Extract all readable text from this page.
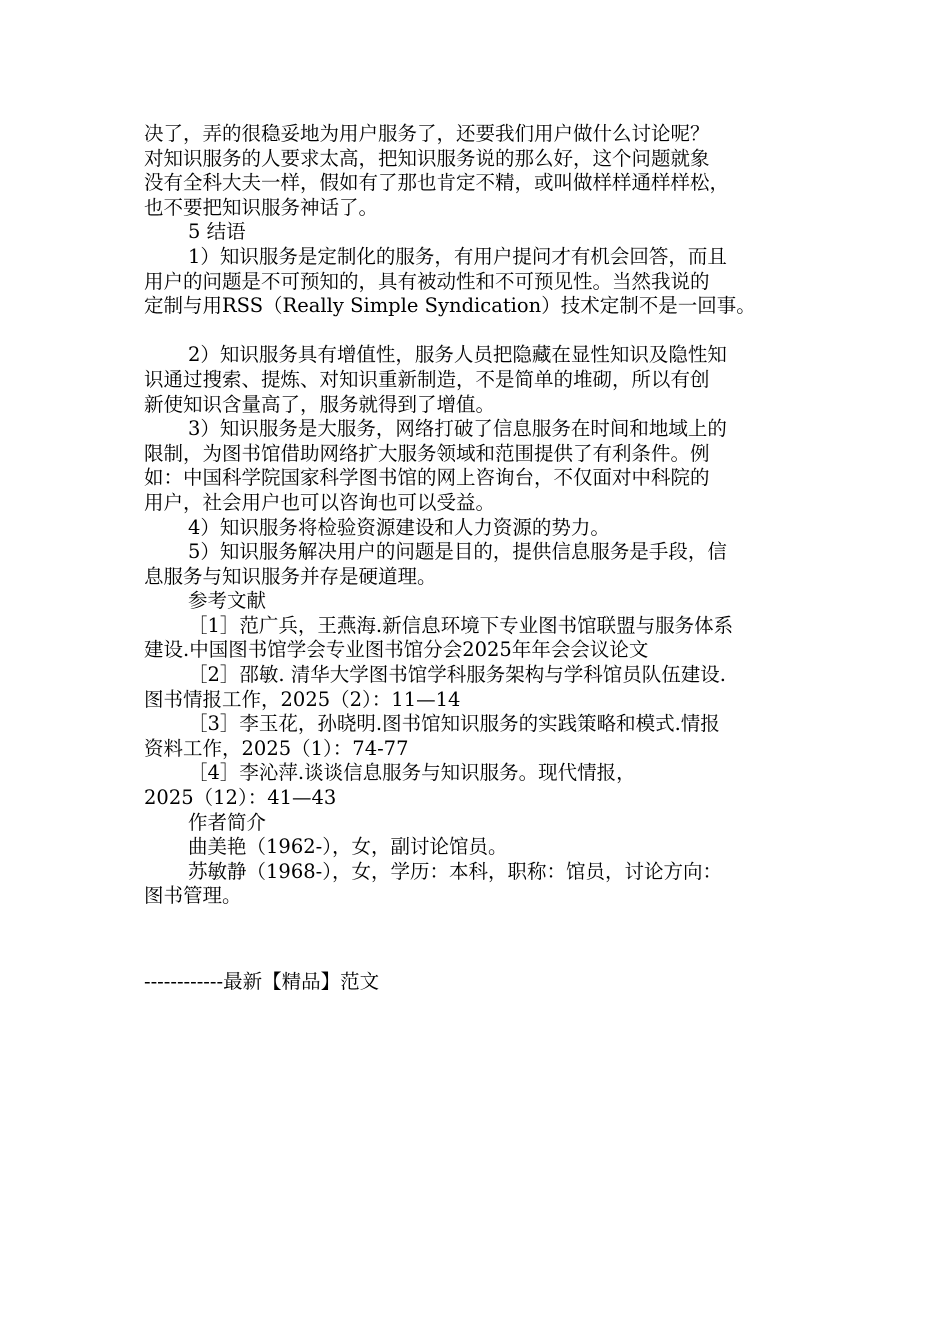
决了，弄的很稳妥地为用户服务了，还要我们用户做什么讨论呢？
对知识服务的人要求太高，把知识服务说的那么好，这个问题就象
没有全科大夫一样，假如有了那也肯定不精，或叫做样样通样样松，
也不要把知识服务神话了。
5 结语
1）知识服务是定制化的服务，有用户提问才有机会回答，而且
用户的问题是不可预知的，具有被动性和不可预见性。当然我说的
定制与用RSS（Really Simple Syndication）技术定制不是一回事。
2）知识服务具有增值性，服务人员把隐藏在显性知识及隐性知
识通过搜索、提炼、对知识重新制造，不是简单的堆砌，所以有创
新使知识含量高了，服务就得到了增值。
3）知识服务是大服务，网络打破了信息服务在时间和地域上的
限制，为图书馆借助网络扩大服务领域和范围提供了有利条件。例
如：中国科学院国家科学图书馆的网上咨询台，不仅面对中科院的
用户，社会用户也可以咨询也可以受益。
4）知识服务将检验资源建设和人力资源的势力。
5）知识服务解决用户的问题是目的，提供信息服务是手段，信
息服务与知识服务并存是硬道理。
参考文献
［1］范广兵，王燕海.新信息环境下专业图书馆联盟与服务体系
建设.中国图书馆学会专业图书馆分会2025年年会会议论文
［2］邵敏. 清华大学图书馆学科服务架构与学科馆员队伍建设.
图书情报工作，2025（2）：11—14
［3］李玉花，孙晓明.图书馆知识服务的实践策略和模式.情报
资料工作，2025（1）：74-77
［4］李沁萍.谈谈信息服务与知识服务。现代情报，
2025（12）：41—43
作者简介
曲美艳（1962-），女，副讨论馆员。
苏敏静（1968-），女，学历：本科，职称：馆员，讨论方向：
图书管理。
------------最新【精品】范文
